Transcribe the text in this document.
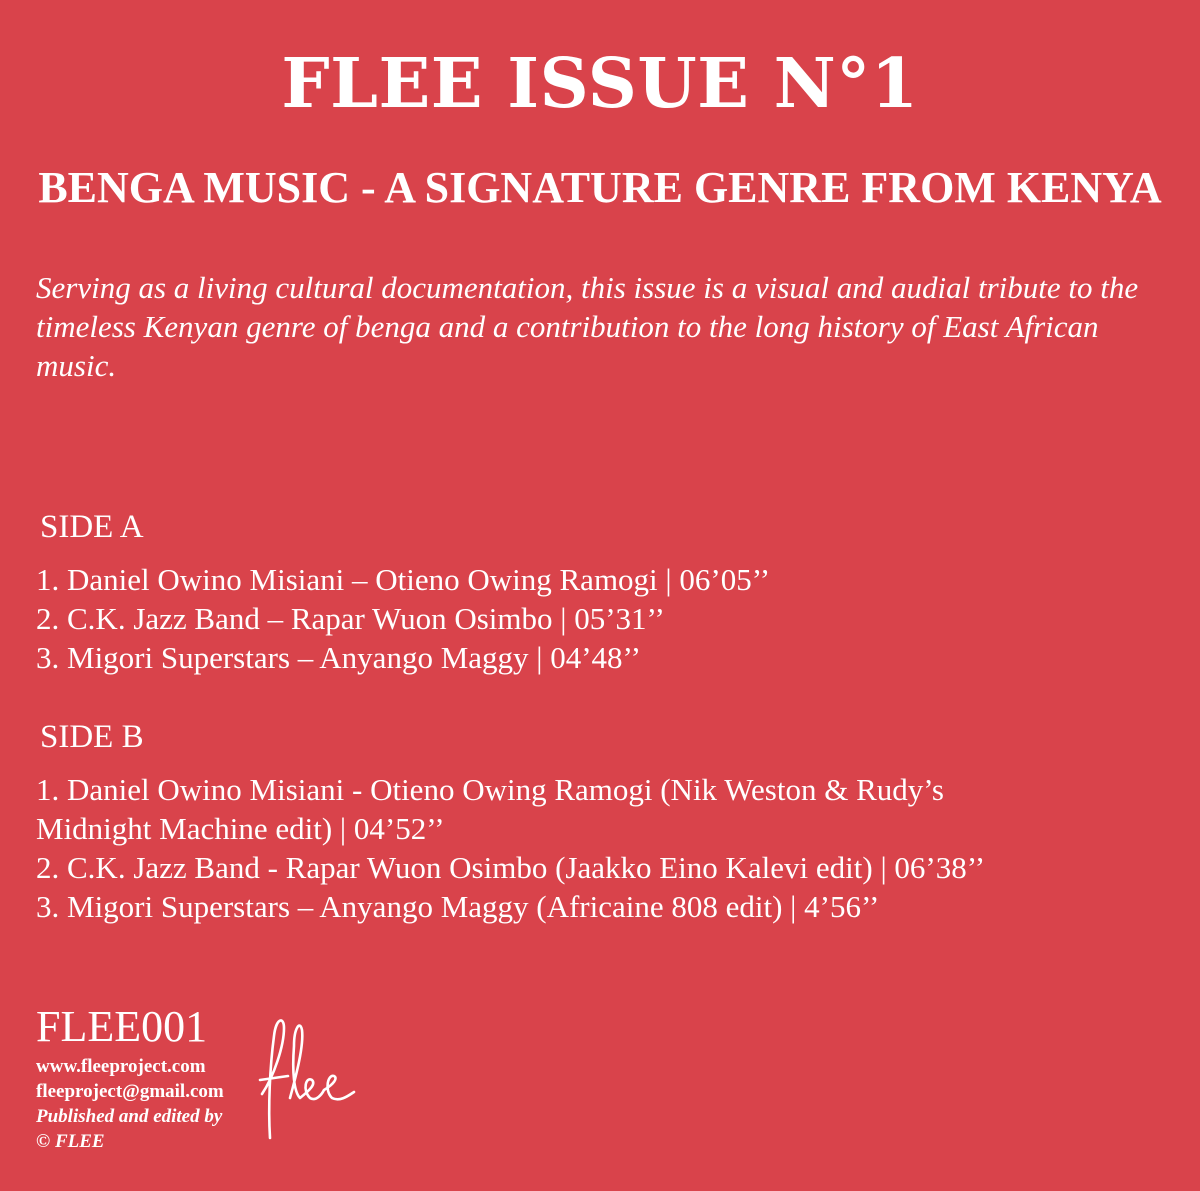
FLEE ISSUE N°1
BENGA MUSIC - A SIGNATURE GENRE FROM KENYA

Serving as a living cultural documentation, this issue is a visual and audial tribute to the timeless Kenyan genre of benga and a contribution to the long history of East African music.

SIDE A
1. Daniel Owino Misiani – Otieno Owing Ramogi | 06’05’’
2. C.K. Jazz Band – Rapar Wuon Osimbo | 05’31’’
3. Migori Superstars – Anyango Maggy | 04’48’’
SIDE B
1. Daniel Owino Misiani - Otieno Owing Ramogi (Nik Weston & Rudy’s Midnight Machine edit) | 04’52’’
2. C.K. Jazz Band - Rapar Wuon Osimbo (Jaakko Eino Kalevi edit) | 06’38’’
3. Migori Superstars – Anyango Maggy (Africaine 808 edit) | 4’56’’
FLEE001
www.fleeproject.com
fleeproject@gmail.com
Published and edited by
© FLEE
